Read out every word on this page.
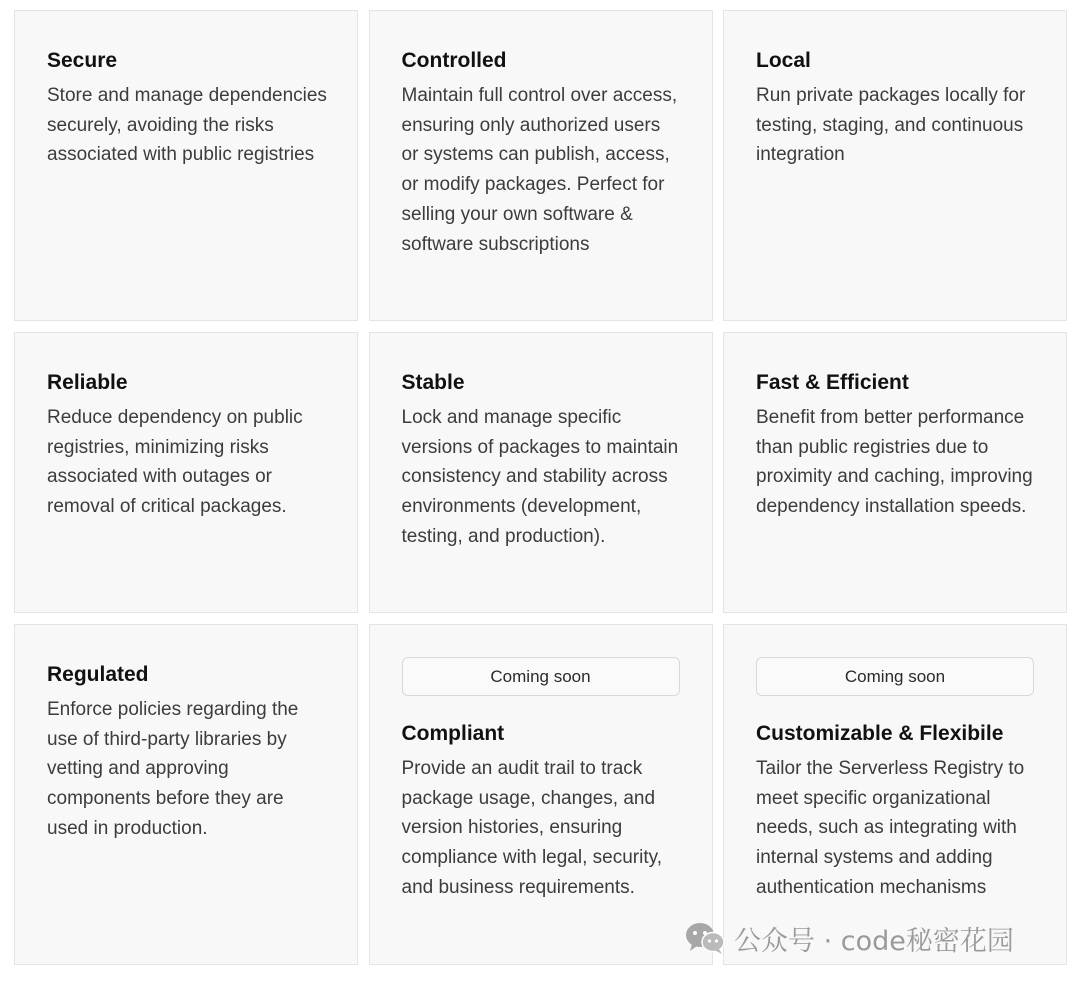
Secure

Store and manage dependencies securely, avoiding the risks associated with public registries

Controlled

Maintain full control over access, ensuring only authorized users or systems can publish, access, or modify packages. Perfect for selling your own software & software subscriptions

Local

Run private packages locally for testing, staging, and continuous integration

Reliable

Reduce dependency on public registries, minimizing risks associated with outages or removal of critical packages.

Stable

Lock and manage specific versions of packages to maintain consistency and stability across environments (development, testing, and production).

Fast & Efficient

Benefit from better performance than public registries due to proximity and caching, improving dependency installation speeds.

Regulated

Enforce policies regarding the use of third-party libraries by vetting and approving components before they are used in production.

Coming soon
Compliant

Provide an audit trail to track package usage, changes, and version histories, ensuring compliance with legal, security, and business requirements.

Coming soon
Customizable & Flexibile

Tailor the Serverless Registry to meet specific organizational needs, such as integrating with internal systems and adding authentication mechanisms

公众号 · code秘密花园
